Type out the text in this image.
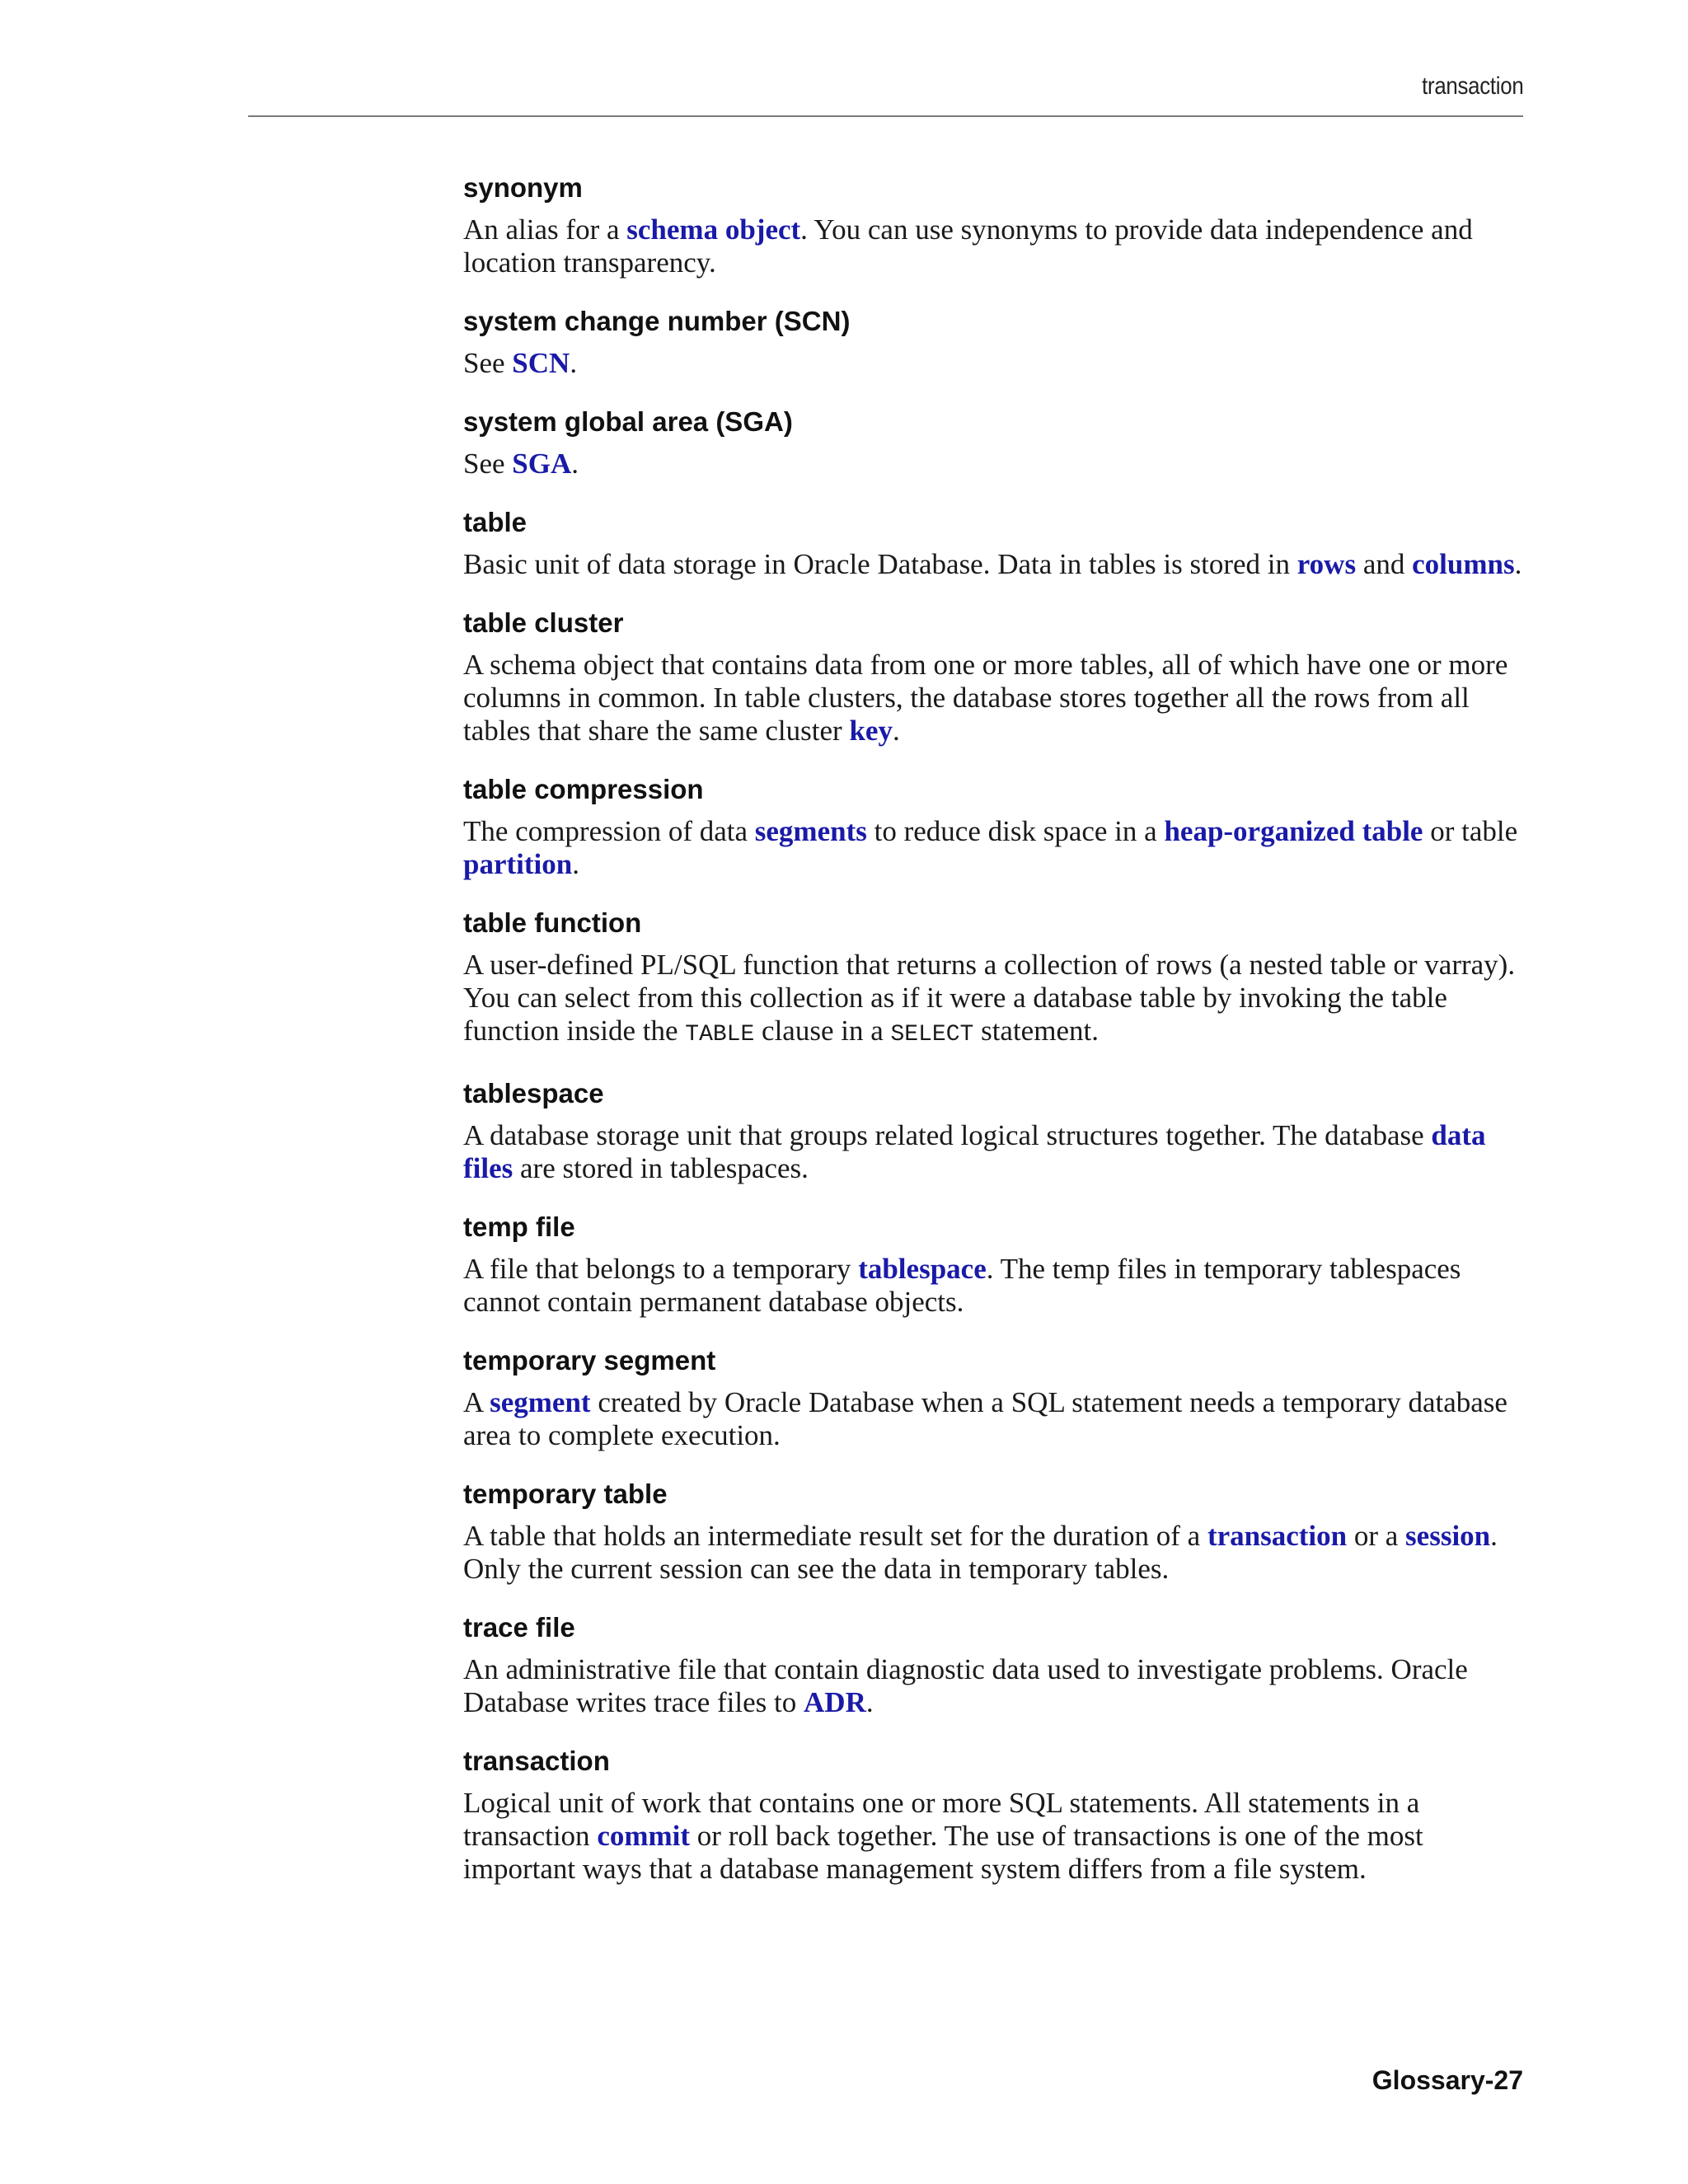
transaction
synonym

An alias for a schema object. You can use synonyms to provide data independence and location transparency.

system change number (SCN)

See SCN.

system global area (SGA)

See SGA.

table

Basic unit of data storage in Oracle Database. Data in tables is stored in rows and columns.

table cluster

A schema object that contains data from one or more tables, all of which have one or more columns in common. In table clusters, the database stores together all the rows from all tables that share the same cluster key.

table compression

The compression of data segments to reduce disk space in a heap-organized table or table partition.

table function

A user-defined PL/SQL function that returns a collection of rows (a nested table or varray). You can select from this collection as if it were a database table by invoking the table function inside the TABLE clause in a SELECT statement.

tablespace

A database storage unit that groups related logical structures together. The database data files are stored in tablespaces.

temp file

A file that belongs to a temporary tablespace. The temp files in temporary tablespaces cannot contain permanent database objects.

temporary segment

A segment created by Oracle Database when a SQL statement needs a temporary database area to complete execution.

temporary table

A table that holds an intermediate result set for the duration of a transaction or a session. Only the current session can see the data in temporary tables.

trace file

An administrative file that contain diagnostic data used to investigate problems. Oracle Database writes trace files to ADR.

transaction

Logical unit of work that contains one or more SQL statements. All statements in a transaction commit or roll back together. The use of transactions is one of the most important ways that a database management system differs from a file system.

Glossary-27
